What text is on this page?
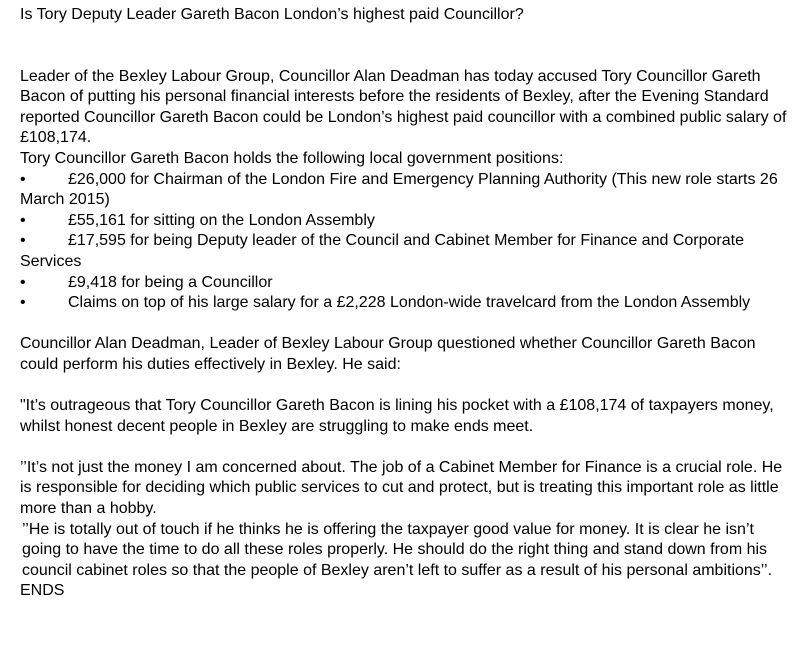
Is Tory Deputy Leader Gareth Bacon London’s highest paid Councillor?

Leader of the Bexley Labour Group, Councillor Alan Deadman has today accused Tory Councillor Gareth Bacon of putting his personal financial interests before the residents of Bexley, after the Evening Standard reported Councillor Gareth Bacon could be London’s highest paid councillor with a combined public salary of £108,174.

Tory Councillor Gareth Bacon holds the following local government positions:

•	£26,000 for Chairman of the London Fire and Emergency Planning Authority (This new role starts 26 March 2015)
•	£55,161 for sitting on the London Assembly
•	£17,595 for being Deputy leader of the Council and Cabinet Member for Finance and Corporate Services
•	£9,418 for being a Councillor
•	Claims on top of his large salary for a £2,228 London-wide travelcard from the London Assembly

Councillor Alan Deadman, Leader of Bexley Labour Group questioned whether Councillor Gareth Bacon could perform his duties effectively in Bexley. He said:

"It’s outrageous that Tory Councillor Gareth Bacon is lining his pocket with a £108,174 of taxpayers money, whilst honest decent people in Bexley are struggling to make ends meet.

’’It’s not just the money I am concerned about. The job of a Cabinet Member for Finance is a crucial role. He is responsible for deciding which public services to cut and protect, but is treating this important role as little more than a hobby.

’’He is totally out of touch if he thinks he is offering the taxpayer good value for money. It is clear he isn’t going to have the time to do all these roles properly. He should do the right thing and stand down from his council cabinet roles so that the people of Bexley aren’t left to suffer as a result of his personal ambitions’’.

ENDS
